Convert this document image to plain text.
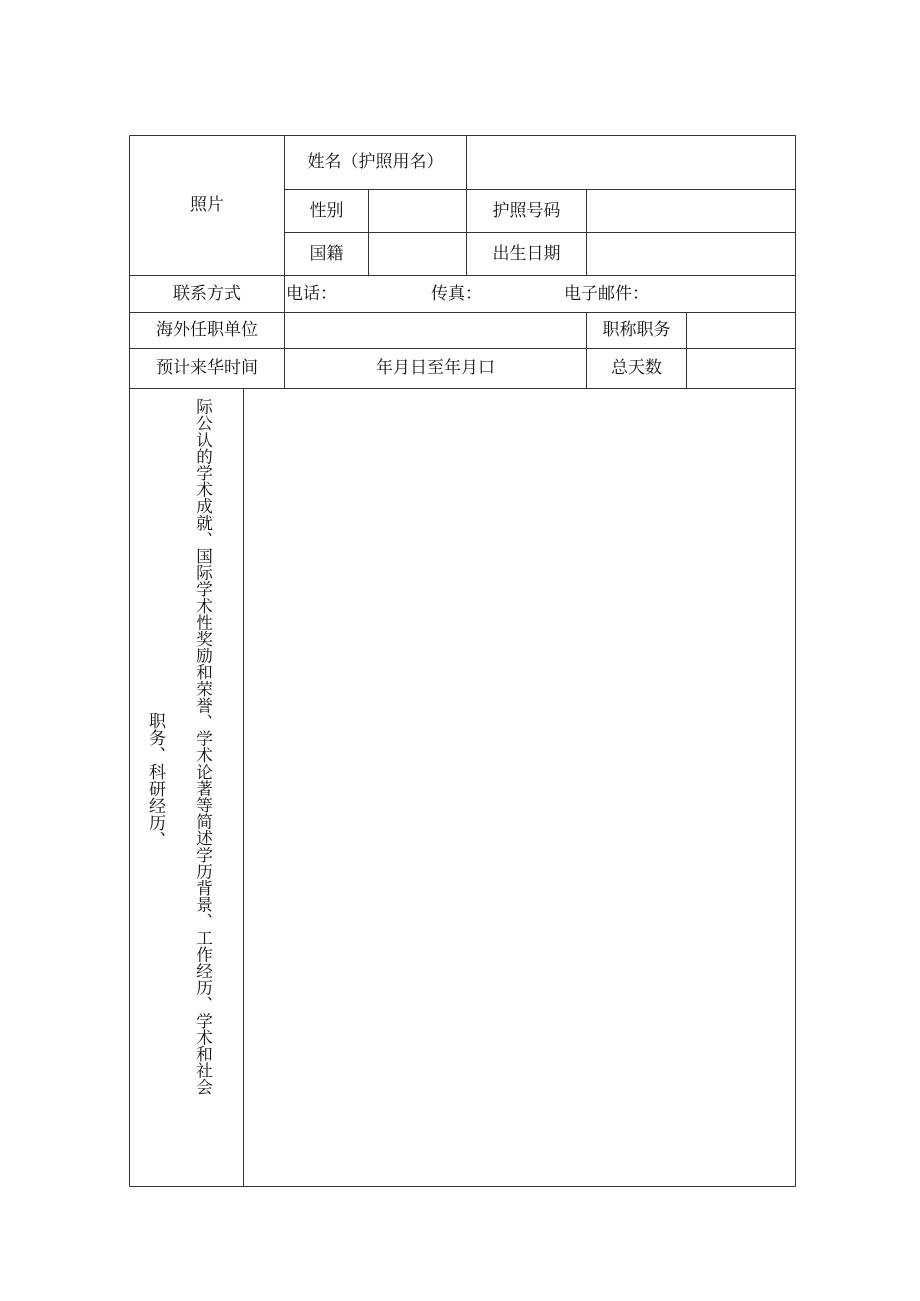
照片
姓名（护照用名）
性别	护照号码
国籍	出生日期
联系方式	电话：	传真：	电子邮件：
海外任职单位	职称职务
预计来华时间	年月日至年月口	总天数
职务、科研经历、 际公认的学术成就、国际学术性奖励和荣誉、学术论著等简述学历背景、工作经历、学术和社会
